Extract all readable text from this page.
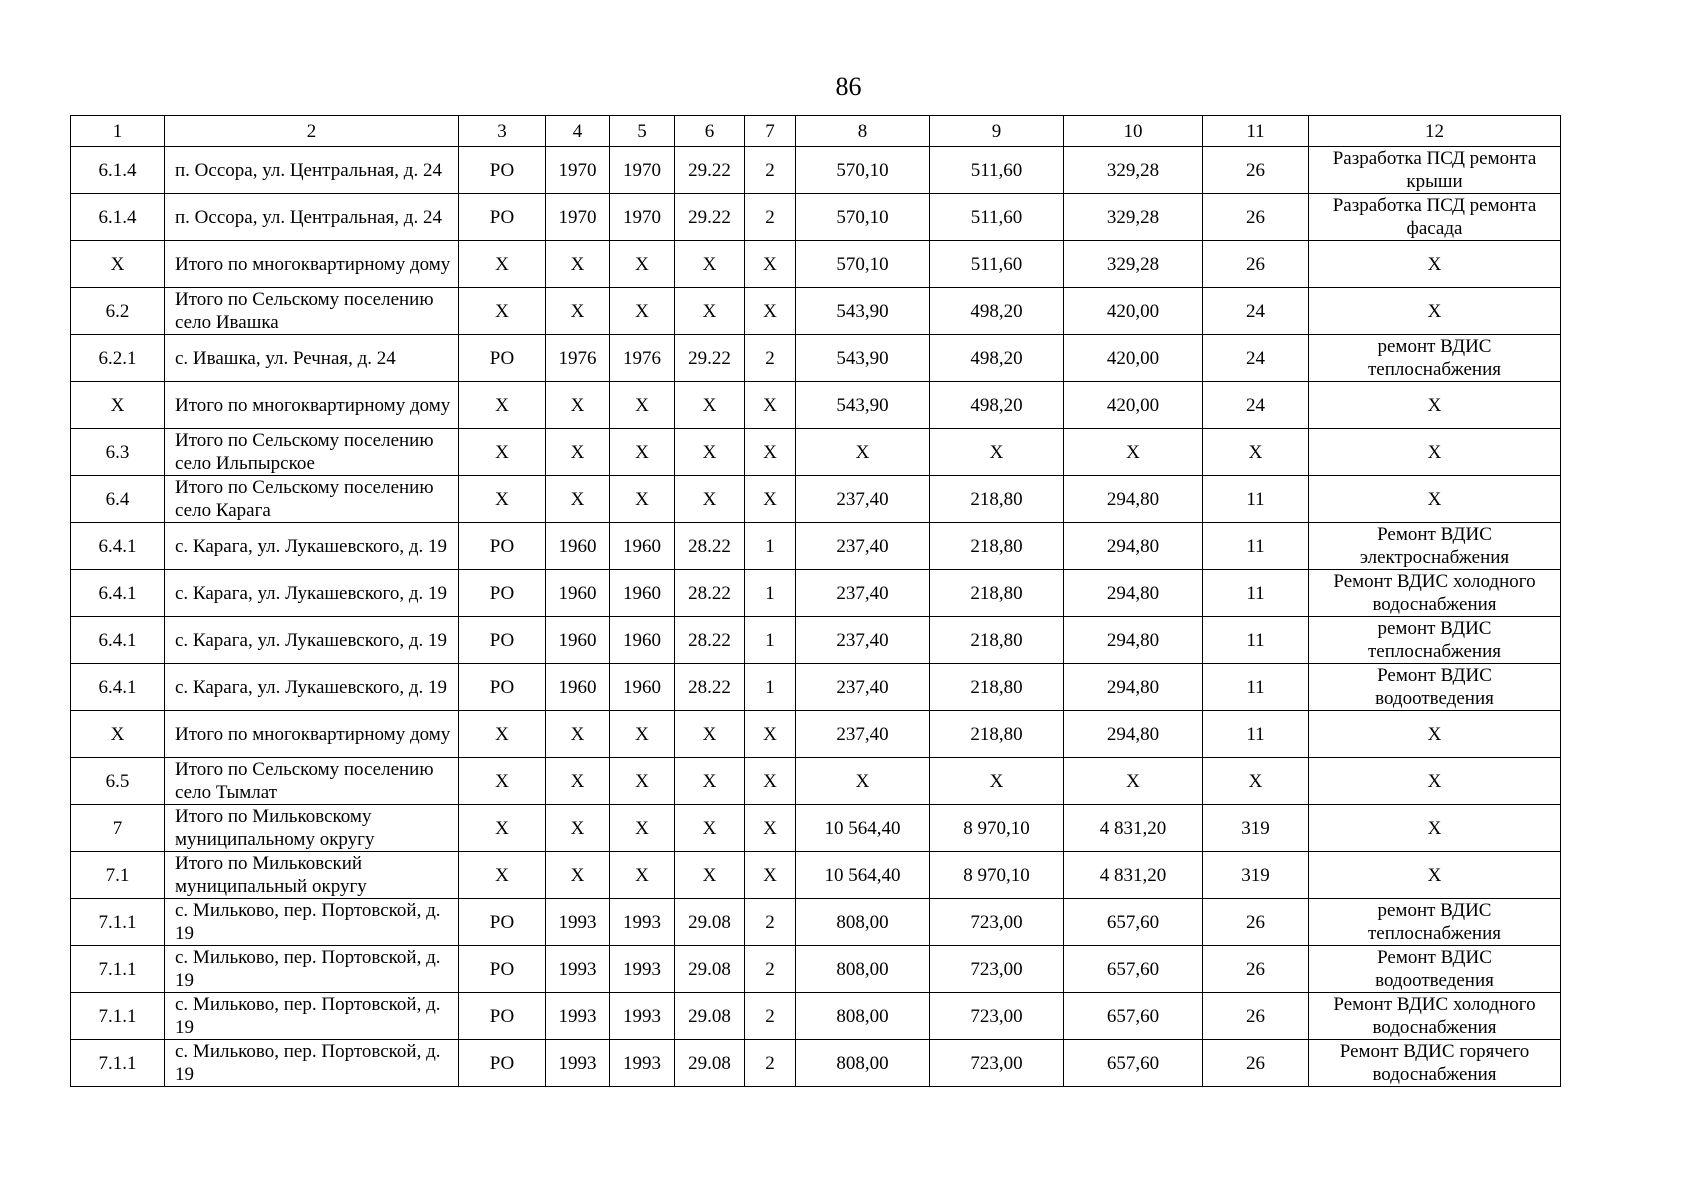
86
1	2	3	4	5	6	7	8	9	10	11	12
6.1.4	п. Оссора, ул. Центральная, д. 24	РО	1970	1970	29.22	2	570,10	511,60	329,28	26	Разработка ПСД ремонта крыши
6.1.4	п. Оссора, ул. Центральная, д. 24	РО	1970	1970	29.22	2	570,10	511,60	329,28	26	Разработка ПСД ремонта фасада
Х	Итого по многоквартирному дому	Х	Х	Х	Х	Х	570,10	511,60	329,28	26	Х
6.2	Итого по Сельскому поселению село Ивашка	Х	Х	Х	Х	Х	543,90	498,20	420,00	24	Х
6.2.1	с. Ивашка, ул. Речная, д. 24	РО	1976	1976	29.22	2	543,90	498,20	420,00	24	ремонт ВДИС теплоснабжения
Х	Итого по многоквартирному дому	Х	Х	Х	Х	Х	543,90	498,20	420,00	24	Х
6.3	Итого по Сельскому поселению село Ильпырское	Х	Х	Х	Х	Х	Х	Х	Х	Х	Х
6.4	Итого по Сельскому поселению село Карага	Х	Х	Х	Х	Х	237,40	218,80	294,80	11	Х
6.4.1	с. Карага, ул. Лукашевского, д. 19	РО	1960	1960	28.22	1	237,40	218,80	294,80	11	Ремонт ВДИС электроснабжения
6.4.1	с. Карага, ул. Лукашевского, д. 19	РО	1960	1960	28.22	1	237,40	218,80	294,80	11	Ремонт ВДИС холодного водоснабжения
6.4.1	с. Карага, ул. Лукашевского, д. 19	РО	1960	1960	28.22	1	237,40	218,80	294,80	11	ремонт ВДИС теплоснабжения
6.4.1	с. Карага, ул. Лукашевского, д. 19	РО	1960	1960	28.22	1	237,40	218,80	294,80	11	Ремонт ВДИС водоотведения
Х	Итого по многоквартирному дому	Х	Х	Х	Х	Х	237,40	218,80	294,80	11	Х
6.5	Итого по Сельскому поселению село Тымлат	Х	Х	Х	Х	Х	Х	Х	Х	Х	Х
7	Итого по Мильковскому муниципальному округу	Х	Х	Х	Х	Х	10 564,40	8 970,10	4 831,20	319	Х
7.1	Итого по Мильковский муниципальный округу	Х	Х	Х	Х	Х	10 564,40	8 970,10	4 831,20	319	Х
7.1.1	с. Мильково, пер. Портовской, д. 19	РО	1993	1993	29.08	2	808,00	723,00	657,60	26	ремонт ВДИС теплоснабжения
7.1.1	с. Мильково, пер. Портовской, д. 19	РО	1993	1993	29.08	2	808,00	723,00	657,60	26	Ремонт ВДИС водоотведения
7.1.1	с. Мильково, пер. Портовской, д. 19	РО	1993	1993	29.08	2	808,00	723,00	657,60	26	Ремонт ВДИС холодного водоснабжения
7.1.1	с. Мильково, пер. Портовской, д. 19	РО	1993	1993	29.08	2	808,00	723,00	657,60	26	Ремонт ВДИС горячего водоснабжения
